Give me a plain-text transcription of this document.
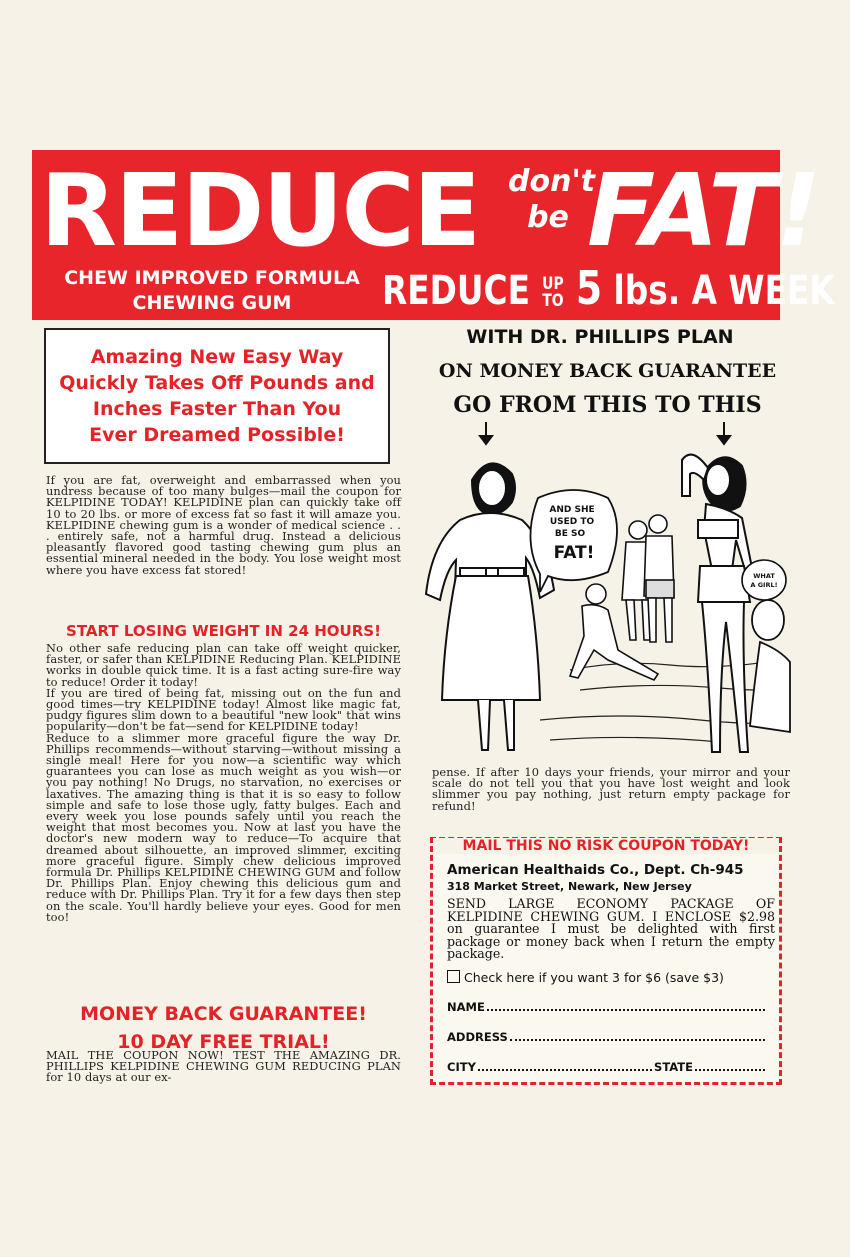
REDUCE don't
be FAT!
CHEW IMPROVED FORMULA
CHEWING GUM	REDUCE UP
TO 5 lbs. A WEEK
Amazing New Easy Way
Quickly Takes Off Pounds and
Inches Faster Than You
Ever Dreamed Possible!
If you are fat, overweight and embarrassed when you undress because of too many bulges—mail the coupon for KELPIDINE TODAY! KELPIDINE plan can quickly take off 10 to 20 lbs. or more of excess fat so fast it will amaze you. KELPIDINE chewing gum is a wonder of medical science . . . entirely safe, not a harmful drug. Instead a delicious pleasantly flavored good tasting chewing gum plus an essential mineral needed in the body. You lose weight most where you have excess fat stored!
START LOSING WEIGHT IN 24 HOURS!

No other safe reducing plan can take off weight quicker, faster, or safer than KELPIDINE Reducing Plan. KELPIDINE works in double quick time. It is a fast acting sure-fire way to reduce! Order it today!

If you are tired of being fat, missing out on the fun and good times—try KELPIDINE today! Almost like magic fat, pudgy figures slim down to a beautiful "new look" that wins popularity—don't be fat—send for KELPIDINE today!

Reduce to a slimmer more graceful figure the way Dr. Phillips recommends—without starving—without missing a single meal! Here for you now—a scientific way which guarantees you can lose as much weight as you wish—or you pay nothing! No Drugs, no starvation, no exercises or laxatives. The amazing thing is that it is so easy to follow simple and safe to lose those ugly, fatty bulges. Each and every week you lose pounds safely until you reach the weight that most becomes you. Now at last you have the doctor's new modern way to reduce—To acquire that dreamed about silhouette, an improved slimmer, exciting more graceful figure. Simply chew delicious improved formula Dr. Phillips KELPIDINE CHEWING GUM and follow Dr. Phillips Plan. Enjoy chewing this delicious gum and reduce with Dr. Phillips Plan. Try it for a few days then step on the scale. You'll hardly believe your eyes. Good for men too!

MONEY BACK GUARANTEE!
10 DAY FREE TRIAL!
MAIL THE COUPON NOW! TEST THE AMAZING DR. PHILLIPS KELPIDINE CHEWING GUM REDUCING PLAN for 10 days at our ex-
WITH DR. PHILLIPS PLAN
ON MONEY BACK GUARANTEE
GO FROM THIS TO THIS
AND SHE
USED TO
BE SO
FAT!
WHAT
A GIRL!
pense. If after 10 days your friends, your mirror and your scale do not tell you that you have lost weight and look slimmer you pay nothing, just return empty package for refund!
MAIL THIS NO RISK COUPON TODAY!
American Healthaids Co., Dept. Ch-945
318 Market Street, Newark, New Jersey
SEND LARGE ECONOMY PACKAGE OF KELPIDINE CHEWING GUM. I ENCLOSE $2.98 on guarantee I must be delighted with first package or money back when I return the empty package.
Check here if you want 3 for $6 (save $3)
NAME
ADDRESS
CITY	STATE
